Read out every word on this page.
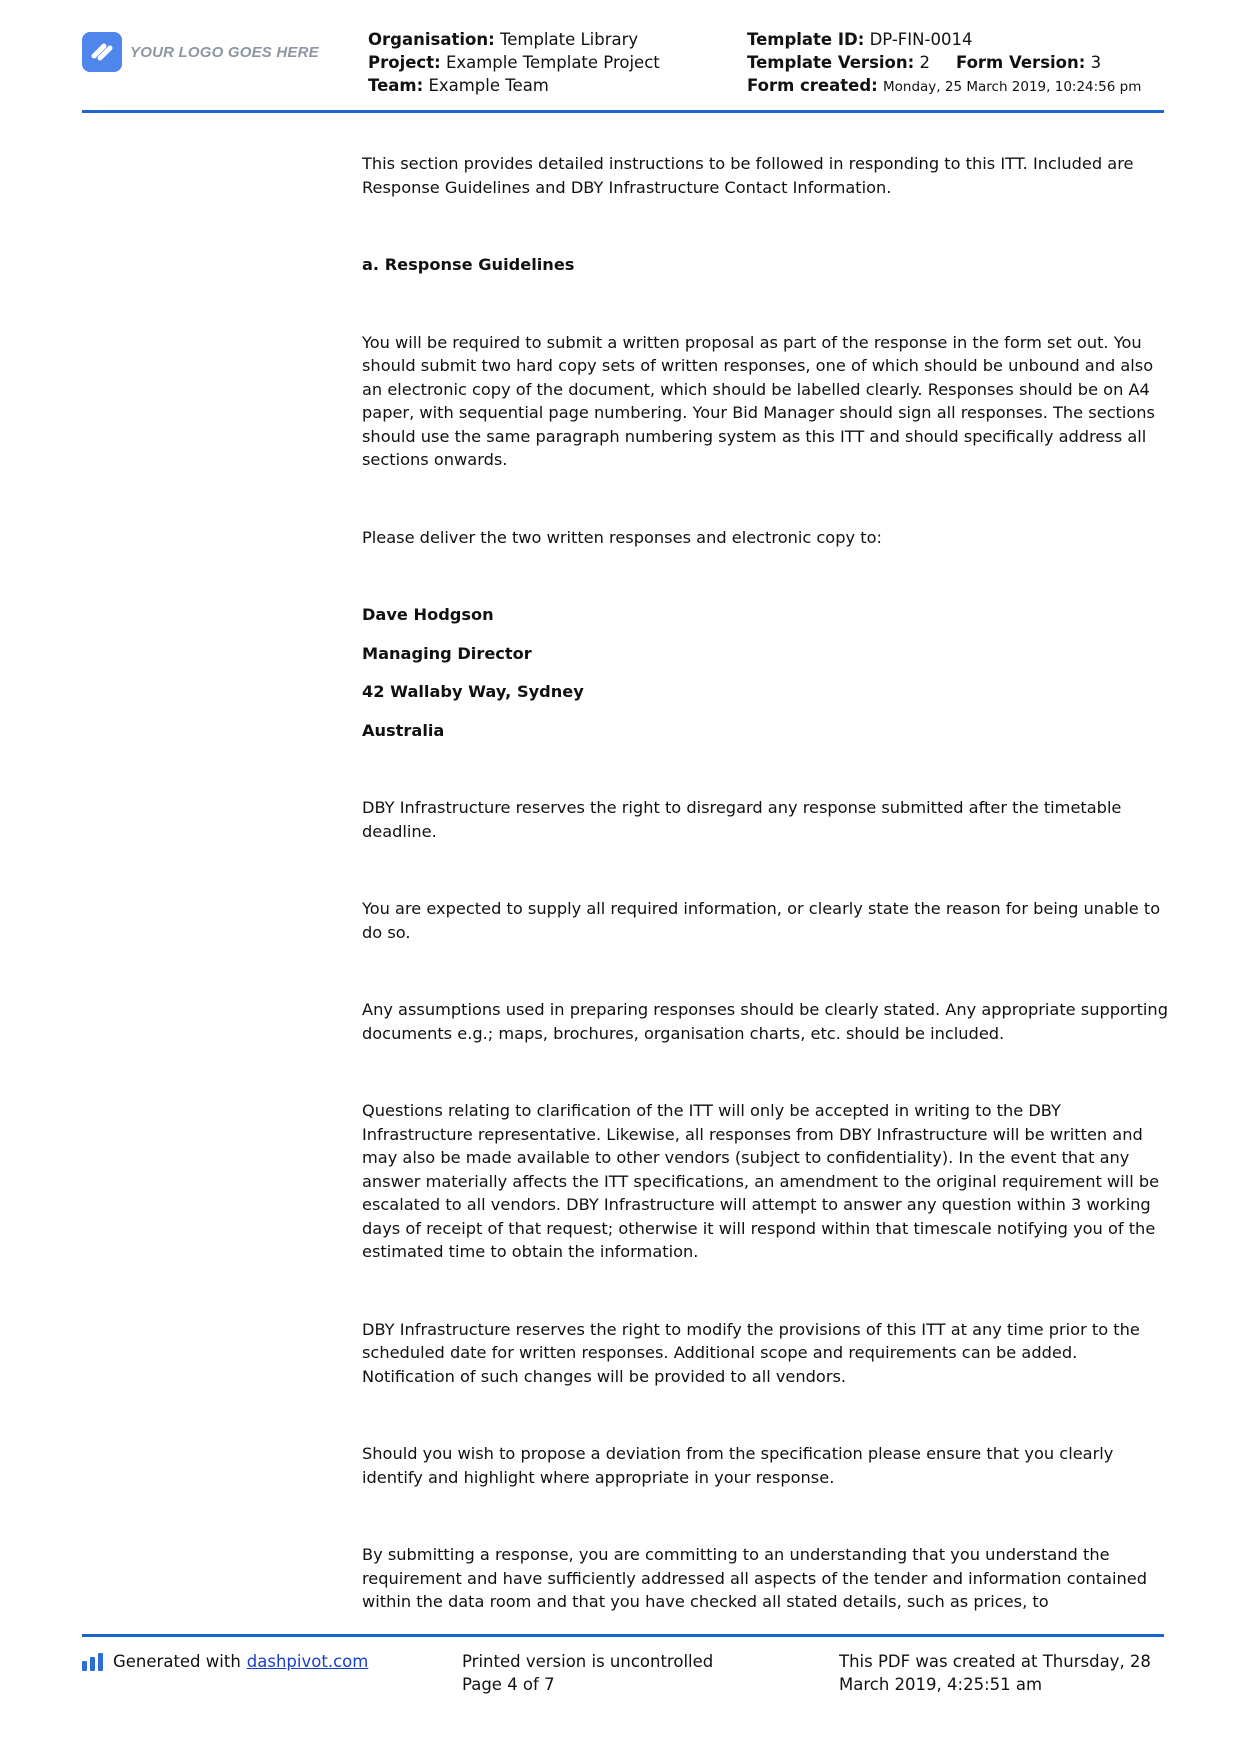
YOUR LOGO GOES HERE
Organisation: Template Library
Project: Example Template Project
Team: Example Team
Template ID: DP-FIN-0014
Template Version: 2 Form Version: 3
Form created: Monday, 25 March 2019, 10:24:56 pm

This section provides detailed instructions to be followed in responding to this ITT. Included are Response Guidelines and DBY Infrastructure Contact Information.

a. Response Guidelines

You will be required to submit a written proposal as part of the response in the form set out. You should submit two hard copy sets of written responses, one of which should be unbound and also an electronic copy of the document, which should be labelled clearly. Responses should be on A4 paper, with sequential page numbering. Your Bid Manager should sign all responses. The sections should use the same paragraph numbering system as this ITT and should specifically address all sections onwards.

Please deliver the two written responses and electronic copy to:

Dave Hodgson

Managing Director

42 Wallaby Way, Sydney

Australia

DBY Infrastructure reserves the right to disregard any response submitted after the timetable deadline.

You are expected to supply all required information, or clearly state the reason for being unable to do so.

Any assumptions used in preparing responses should be clearly stated. Any appropriate supporting documents e.g.; maps, brochures, organisation charts, etc. should be included.

Questions relating to clarification of the ITT will only be accepted in writing to the DBY Infrastructure representative. Likewise, all responses from DBY Infrastructure will be written and may also be made available to other vendors (subject to confidentiality). In the event that any answer materially affects the ITT specifications, an amendment to the original requirement will be escalated to all vendors. DBY Infrastructure will attempt to answer any question within 3 working days of receipt of that request; otherwise it will respond within that timescale notifying you of the estimated time to obtain the information.

DBY Infrastructure reserves the right to modify the provisions of this ITT at any time prior to the scheduled date for written responses. Additional scope and requirements can be added. Notification of such changes will be provided to all vendors.

Should you wish to propose a deviation from the specification please ensure that you clearly identify and highlight where appropriate in your response.

By submitting a response, you are committing to an understanding that you understand the requirement and have sufficiently addressed all aspects of the tender and information contained within the data room and that you have checked all stated details, such as prices, to

Generated with dashpivot.com	Printed version is uncontrolled
Page 4 of 7
This PDF was created at Thursday, 28 March 2019, 4:25:51 am
